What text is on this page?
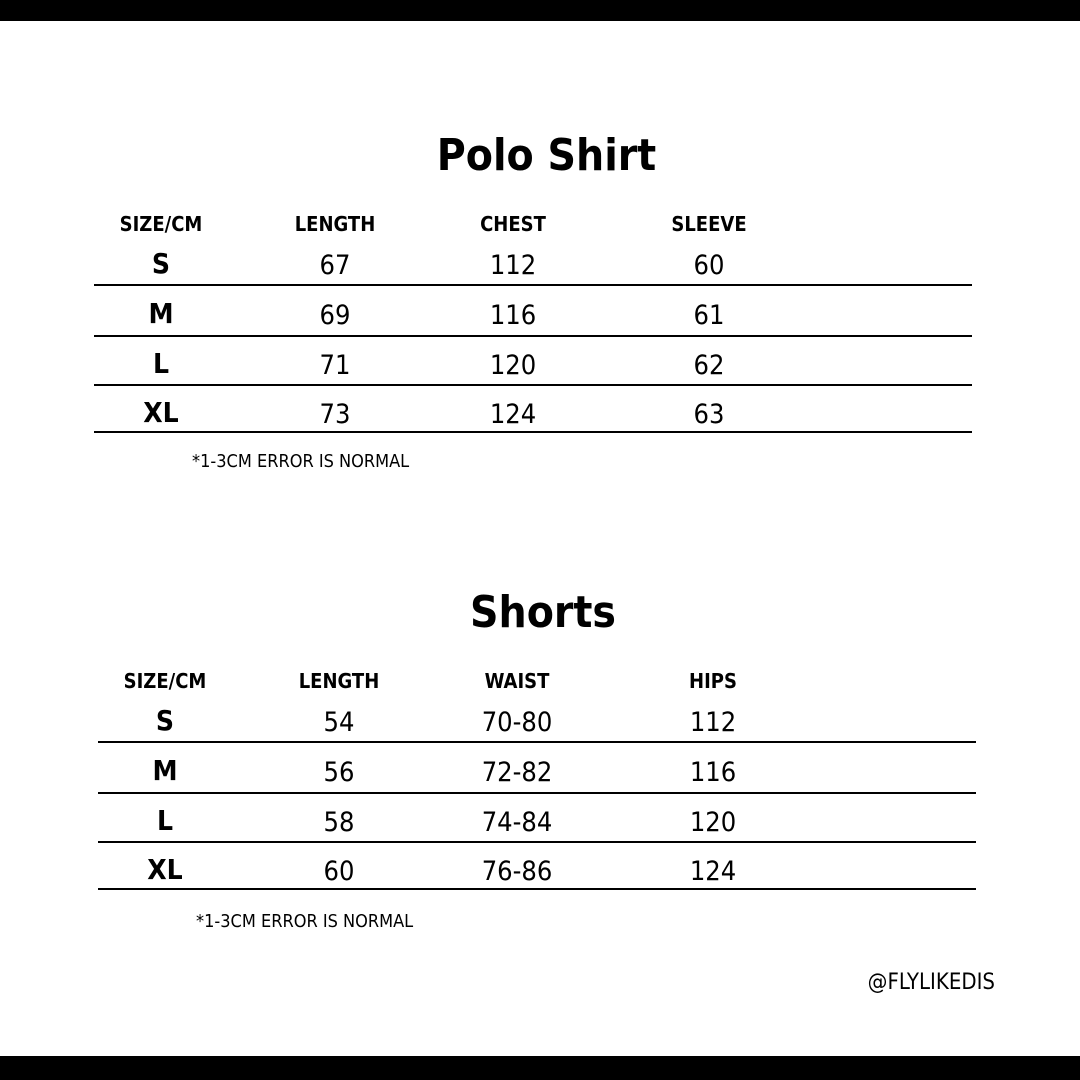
Polo Shirt
SIZE/CM	LENGTH	CHEST	SLEEVE
S	67	112	60
M	69	116	61
L	71	120	62
XL	73	124	63
*1-3CM ERROR IS NORMAL
Shorts
SIZE/CM	LENGTH	WAIST	HIPS
S	54	70-80	112
M	56	72-82	116
L	58	74-84	120
XL	60	76-86	124
*1-3CM ERROR IS NORMAL
@FLYLIKEDIS
